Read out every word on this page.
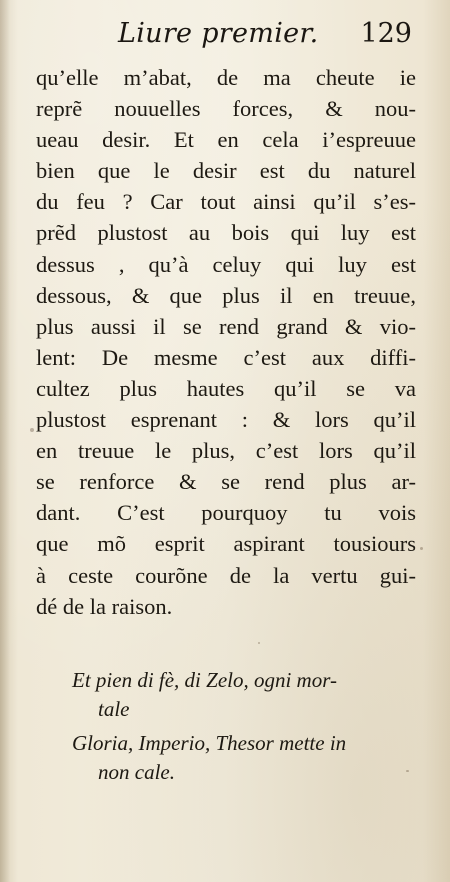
Liure premier. 129
qu’elle m’abat, de ma cheute ie
reprẽ nouuelles forces, & nou-
ueau desir. Et en cela i’espreuue
bien que le desir est du naturel
du feu ? Car tout ainsi qu’il s’es-
prẽd plustost au bois qui luy est
dessus , qu’à celuy qui luy est
dessous, & que plus il en treuue,
plus aussi il se rend grand & vio-
lent: De mesme c’est aux diffi-
cultez plus hautes qu’il se va
plustost esprenant : & lors qu’il
en treuue le plus, c’est lors qu’il
se renforce & se rend plus ar-
dant. C’est pourquoy tu vois
que mõ esprit aspirant tousiours
à ceste courõne de la vertu gui-
dé de la raison.
Et pien di fè, di Zelo, ogni mor-
tale
Gloria, Imperio, Thesor mette in
non cale.
